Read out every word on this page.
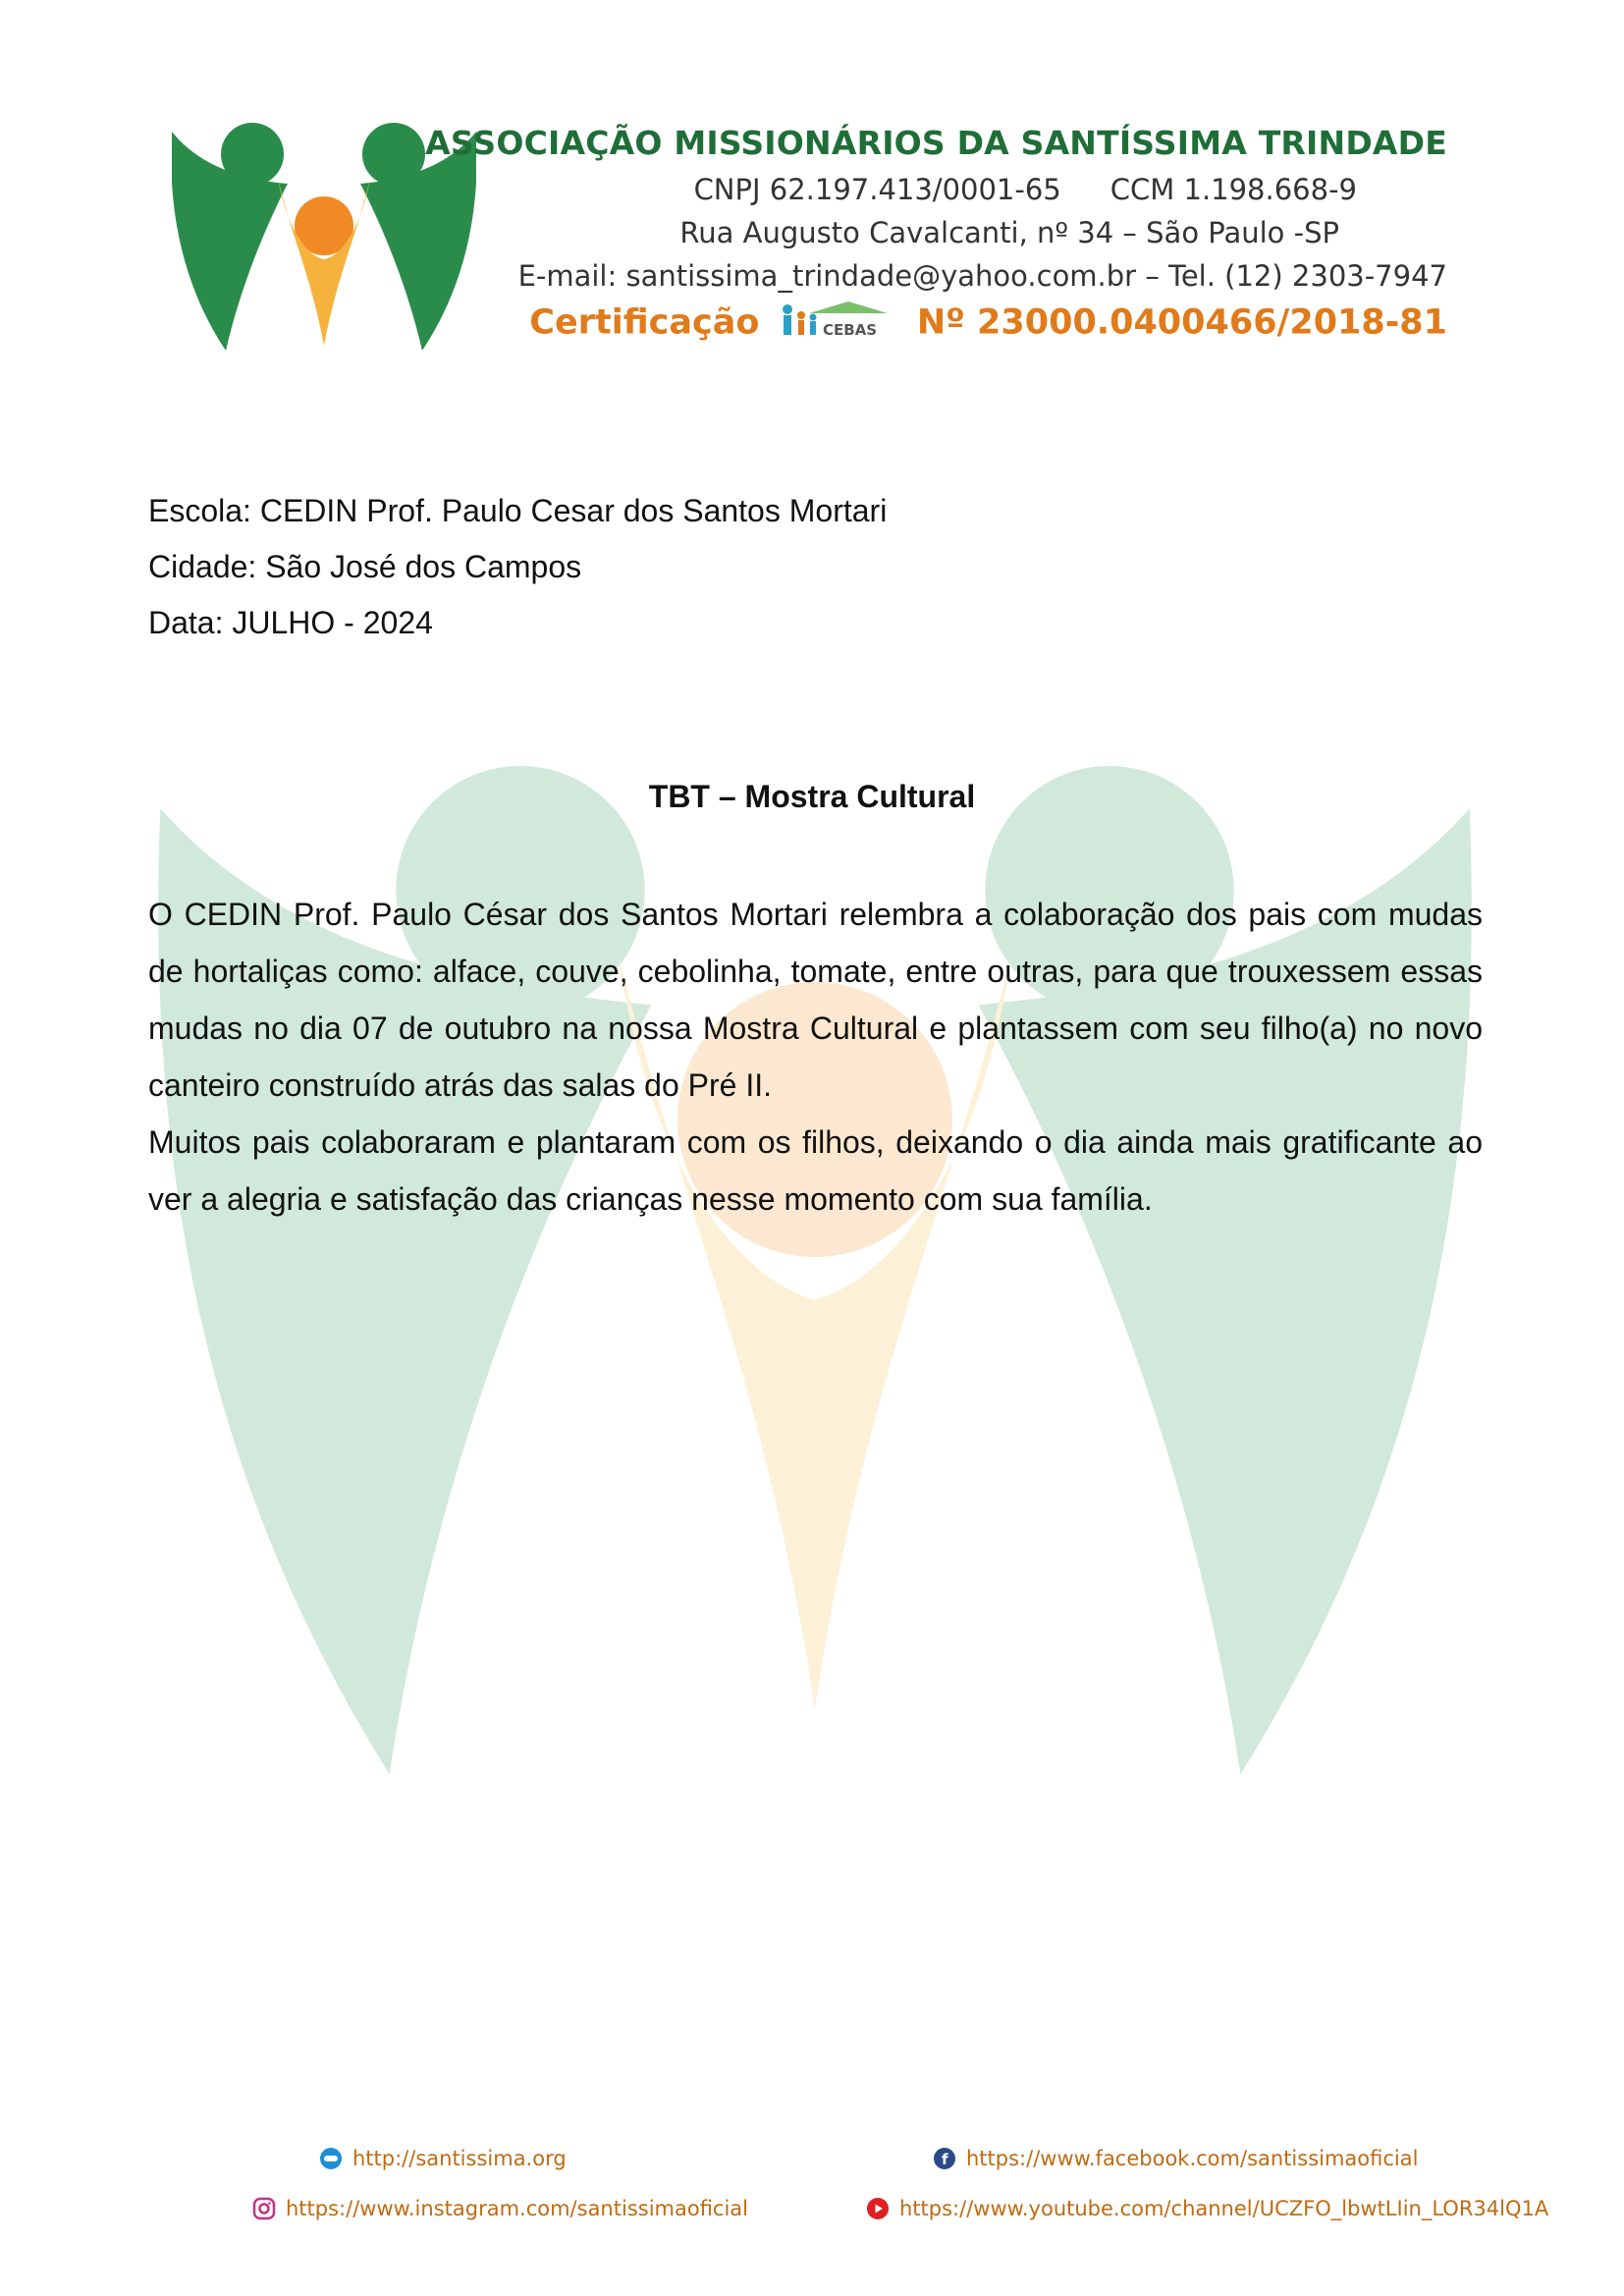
ASSOCIAÇÃO MISSIONÁRIOS DA SANTÍSSIMA TRINDADE
CNPJ 62.197.413/0001-65 CCM 1.198.668-9
Rua Augusto Cavalcanti, nº 34 – São Paulo -SP
E-mail: santissima_trindade@yahoo.com.br – Tel. (12) 2303-7947
Certificação	CEBAS Nº 23000.0400466/2018-81
Escola: CEDIN Prof. Paulo Cesar dos Santos Mortari
Cidade: São José dos Campos
Data: JULHO - 2024
TBT – Mostra Cultural

O CEDIN Prof. Paulo César dos Santos Mortari relembra a colaboração dos pais com mudas de hortaliças como: alface, couve, cebolinha, tomate, entre outras, para que trouxessem essas mudas no dia 07 de outubro na nossa Mostra Cultural e plantassem com seu filho(a) no novo canteiro construído atrás das salas do Pré II.

Muitos pais colaboraram e plantaram com os filhos, deixando o dia ainda mais gratificante ao ver a alegria e satisfação das crianças nesse momento com sua família.

http://santissima.org	f https://www.facebook.com/santissimaoficial
https://www.instagram.com/santissimaoficial	https://www.youtube.com/channel/UCZFO_lbwtLIin_LOR34lQ1A
